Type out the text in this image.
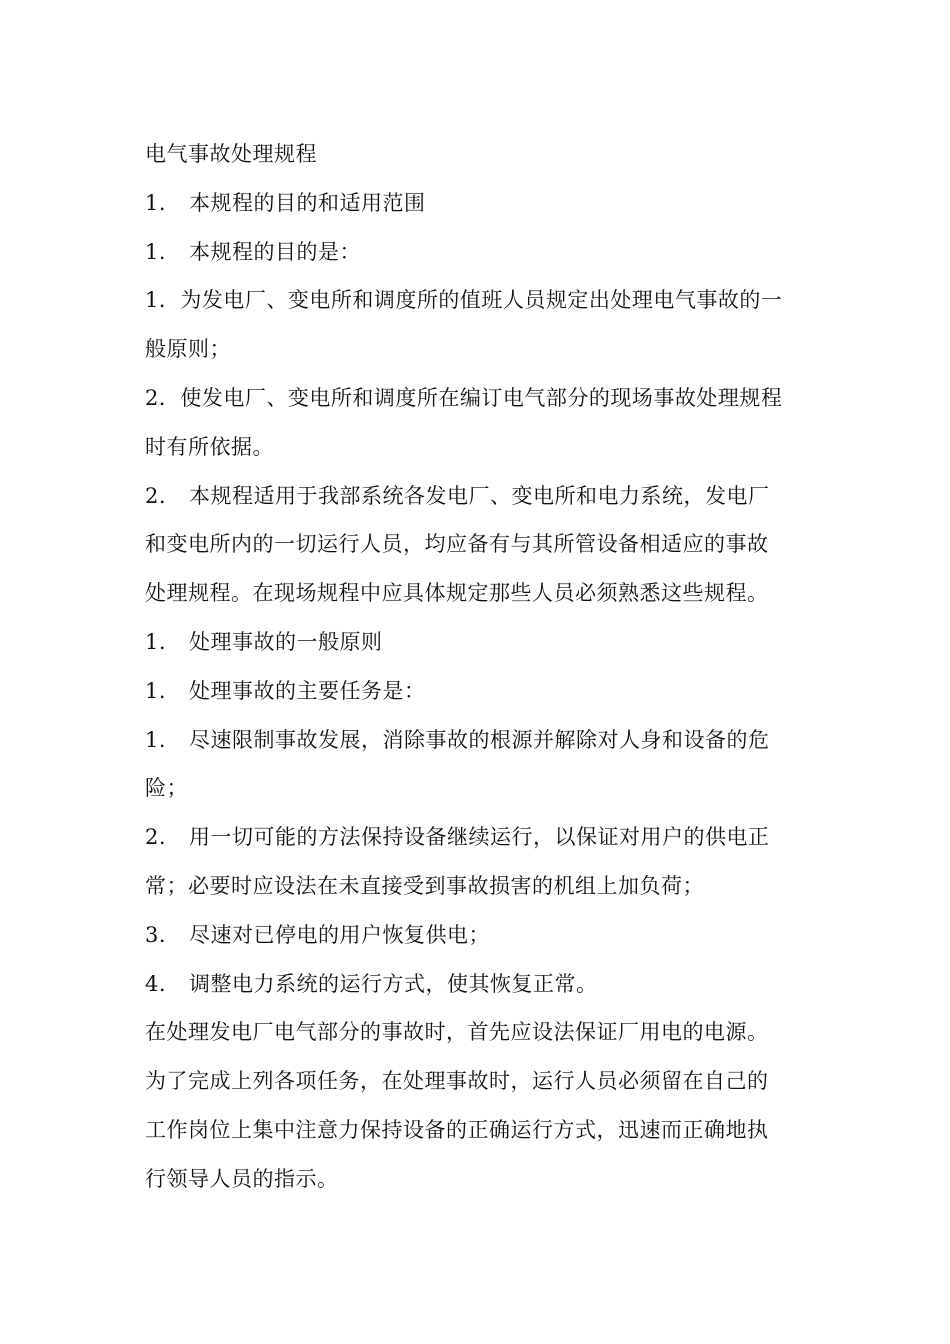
电气事故处理规程
1. 本规程的目的和适用范围
1. 本规程的目的是：
1．为发电厂、变电所和调度所的值班人员规定出处理电气事故的一
般原则；
2．使发电厂、变电所和调度所在编订电气部分的现场事故处理规程
时有所依据。
2. 本规程适用于我部系统各发电厂、变电所和电力系统，发电厂
和变电所内的一切运行人员，均应备有与其所管设备相适应的事故
处理规程。在现场规程中应具体规定那些人员必须熟悉这些规程。
1. 处理事故的一般原则
1. 处理事故的主要任务是：
1. 尽速限制事故发展，消除事故的根源并解除对人身和设备的危
险；
2. 用一切可能的方法保持设备继续运行，以保证对用户的供电正
常；必要时应设法在未直接受到事故损害的机组上加负荷；
3. 尽速对已停电的用户恢复供电；
4. 调整电力系统的运行方式，使其恢复正常。
在处理发电厂电气部分的事故时，首先应设法保证厂用电的电源。
为了完成上列各项任务，在处理事故时，运行人员必须留在自己的
工作岗位上集中注意力保持设备的正确运行方式，迅速而正确地执
行领导人员的指示。
